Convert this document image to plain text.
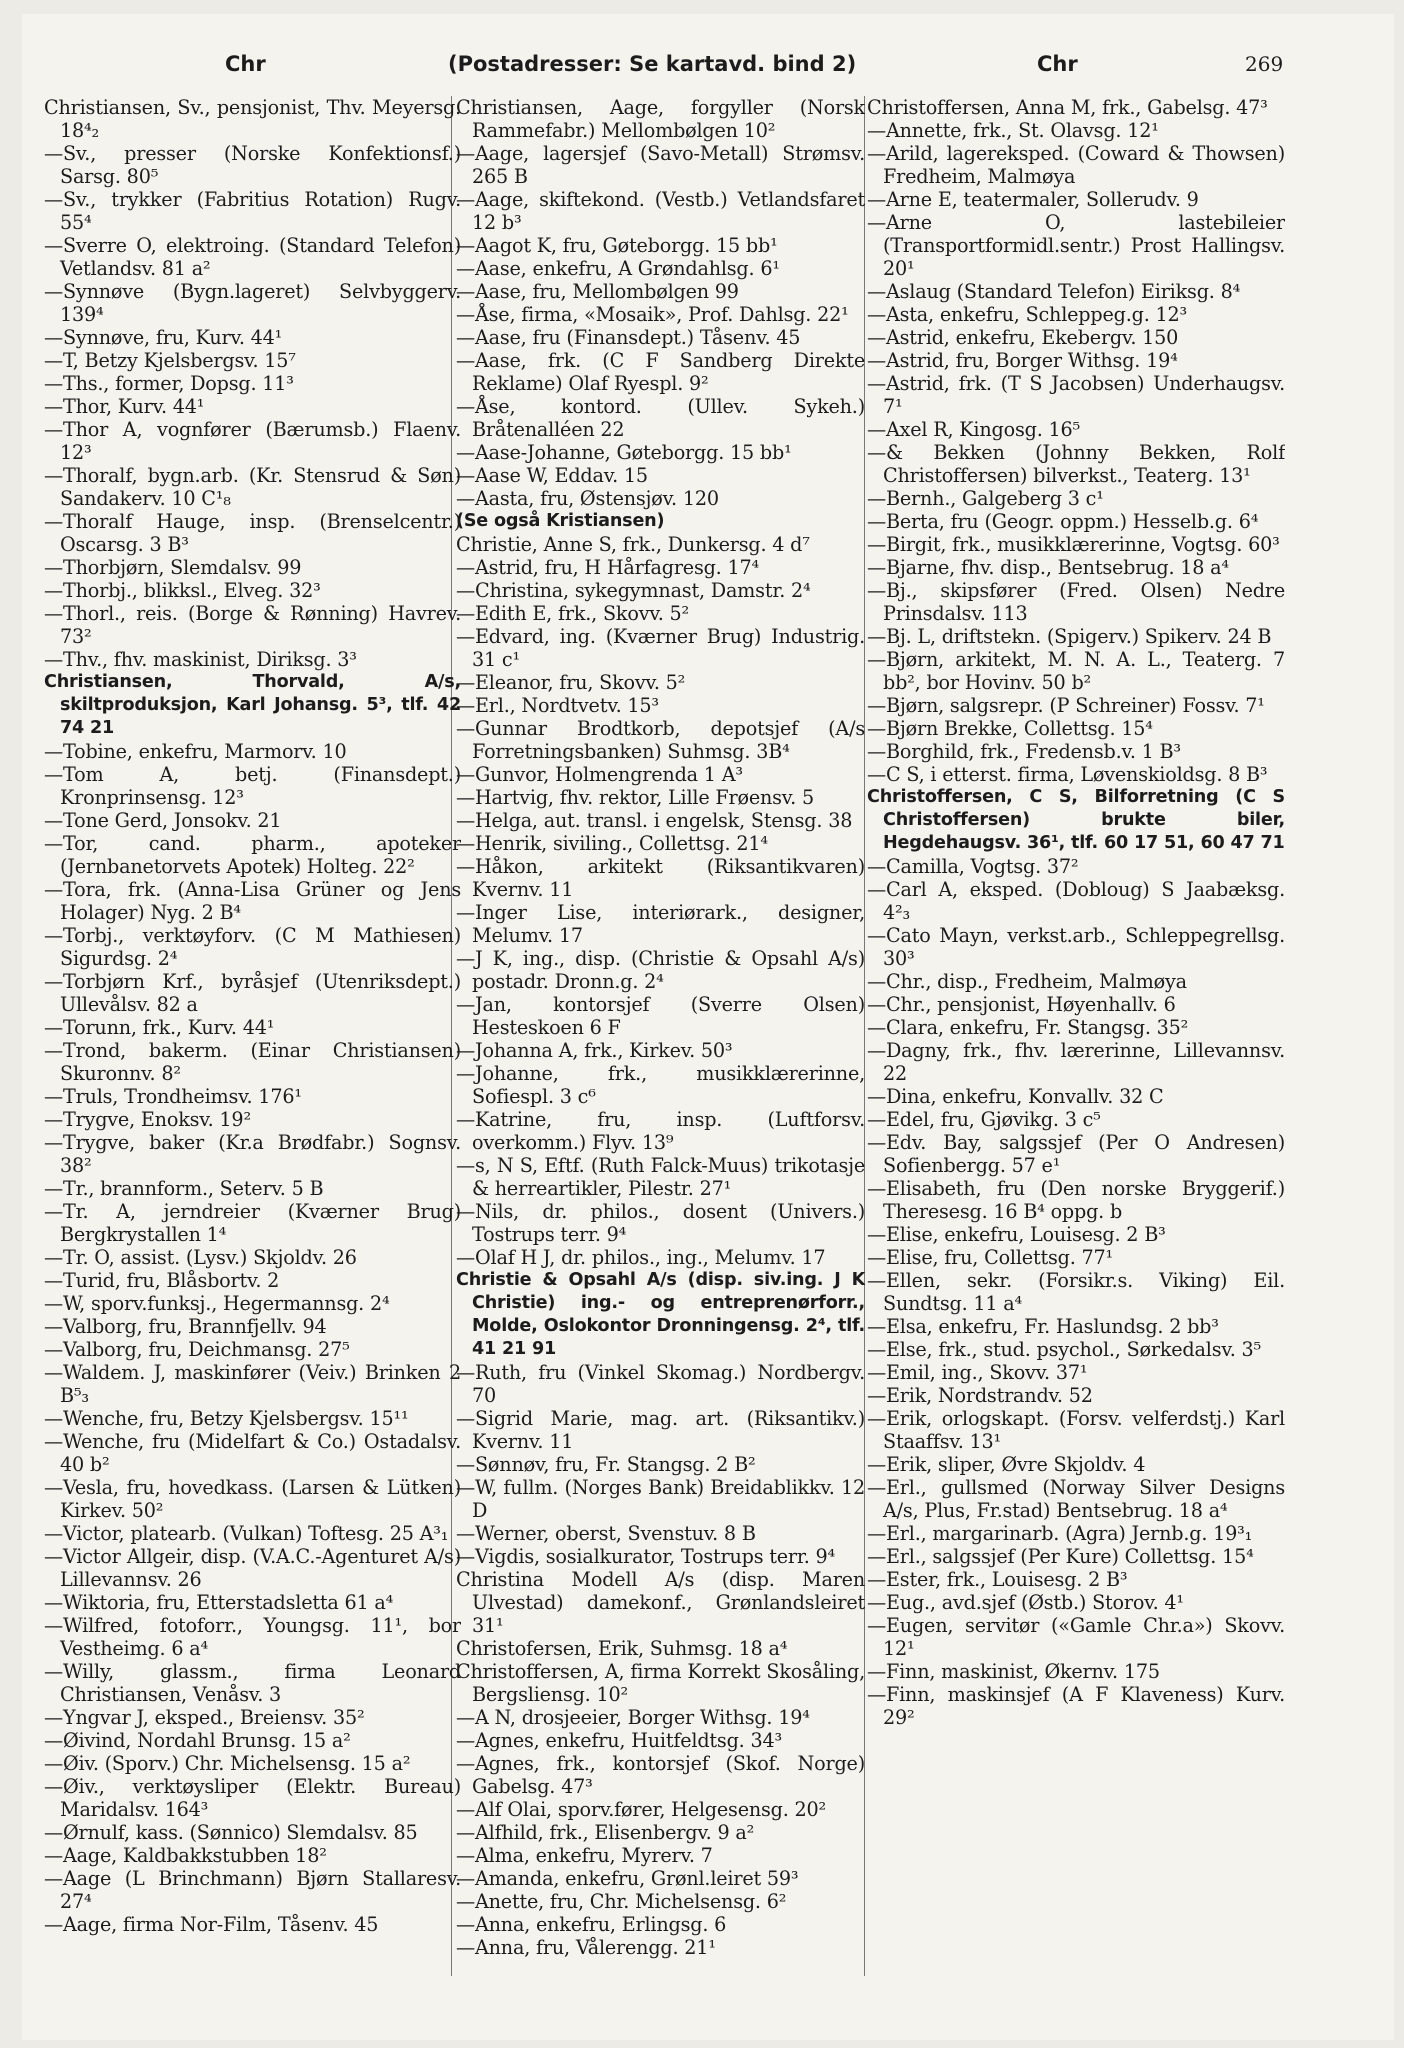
Chr	(Postadresser: Se kartavd. bind 2)	Chr	269

Christiansen, Sv., pensjonist, Thv. Meyersg. 18⁴₂

—Sv., presser (Norske Konfektionsf.) Sarsg. 80⁵

—Sv., trykker (Fabritius Rotation) Rugv. 55⁴

—Sverre O, elektroing. (Standard Telefon) Vetlandsv. 81 a²

—Synnøve (Bygn.lageret) Selvbyggerv. 139⁴

—Synnøve, fru, Kurv. 44¹

—T, Betzy Kjelsbergsv. 15⁷

—Ths., former, Dopsg. 11³

—Thor, Kurv. 44¹

—Thor A, vognfører (Bærumsb.) Flaenv. 12³

—Thoralf, bygn.arb. (Kr. Stensrud & Søn) Sandakerv. 10 C¹₈

—Thoralf Hauge, insp. (Brenselcentr.) Oscarsg. 3 B³

—Thorbjørn, Slemdalsv. 99

—Thorbj., blikksl., Elveg. 32³

—Thorl., reis. (Borge & Rønning) Havrev. 73²

—Thv., fhv. maskinist, Diriksg. 3³

Christiansen, Thorvald, A/s, skiltproduksjon, Karl Johansg. 5³, tlf. 42 74 21

—Tobine, enkefru, Marmorv. 10

—Tom A, betj. (Finansdept.) Kronprinsensg. 12³

—Tone Gerd, Jonsokv. 21

—Tor, cand. pharm., apoteker (Jernbanetorvets Apotek) Holteg. 22²

—Tora, frk. (Anna-Lisa Grüner og Jens Holager) Nyg. 2 B⁴

—Torbj., verktøyforv. (C M Mathiesen) Sigurdsg. 2⁴

—Torbjørn Krf., byråsjef (Utenriksdept.) Ullevålsv. 82 a

—Torunn, frk., Kurv. 44¹

—Trond, bakerm. (Einar Christiansen) Skuronnv. 8²

—Truls, Trondheimsv. 176¹

—Trygve, Enoksv. 19²

—Trygve, baker (Kr.a Brødfabr.) Sognsv. 38²

—Tr., brannform., Seterv. 5 B

—Tr. A, jerndreier (Kværner Brug) Bergkrystallen 1⁴

—Tr. O, assist. (Lysv.) Skjoldv. 26

—Turid, fru, Blåsbortv. 2

—W, sporv.funksj., Hegermannsg. 2⁴

—Valborg, fru, Brannfjellv. 94

—Valborg, fru, Deichmansg. 27⁵

—Waldem. J, maskinfører (Veiv.) Brinken 2 B⁵₃

—Wenche, fru, Betzy Kjelsbergsv. 15¹¹

—Wenche, fru (Midelfart & Co.) Ostadalsv. 40 b²

—Vesla, fru, hovedkass. (Larsen & Lütken) Kirkev. 50²

—Victor, platearb. (Vulkan) Toftesg. 25 A³₁

—Victor Allgeir, disp. (V.A.C.-Agenturet A/s) Lillevannsv. 26

—Wiktoria, fru, Etterstadsletta 61 a⁴

—Wilfred, fotoforr., Youngsg. 11¹, bor Vestheimg. 6 a⁴

—Willy, glassm., firma Leonard Christiansen, Venåsv. 3

—Yngvar J, eksped., Breiensv. 35²

—Øivind, Nordahl Brunsg. 15 a²

—Øiv. (Sporv.) Chr. Michelsensg. 15 a²

—Øiv., verktøysliper (Elektr. Bureau) Maridalsv. 164³

—Ørnulf, kass. (Sønnico) Slemdalsv. 85

—Aage, Kaldbakkstubben 18²

—Aage (L Brinchmann) Bjørn Stallaresv. 27⁴

—Aage, firma Nor-Film, Tåsenv. 45

Christiansen, Aage, forgyller (Norsk Rammefabr.) Mellombølgen 10²

—Aage, lagersjef (Savo-Metall) Strømsv. 265 B

—Aage, skiftekond. (Vestb.) Vetlandsfaret 12 b³

—Aagot K, fru, Gøteborgg. 15 bb¹

—Aase, enkefru, A Grøndahlsg. 6¹

—Aase, fru, Mellombølgen 99

—Åse, firma, «Mosaik», Prof. Dahlsg. 22¹

—Aase, fru (Finansdept.) Tåsenv. 45

—Aase, frk. (C F Sandberg Direkte Reklame) Olaf Ryespl. 9²

—Åse, kontord. (Ullev. Sykeh.) Bråtenalléen 22

—Aase-Johanne, Gøteborgg. 15 bb¹

—Aase W, Eddav. 15

—Aasta, fru, Østensjøv. 120

(Se også Kristiansen)

Christie, Anne S, frk., Dunkersg. 4 d⁷

—Astrid, fru, H Hårfagresg. 17⁴

—Christina, sykegymnast, Damstr. 2⁴

—Edith E, frk., Skovv. 5²

—Edvard, ing. (Kværner Brug) Industrig. 31 c¹

—Eleanor, fru, Skovv. 5²

—Erl., Nordtvetv. 15³

—Gunnar Brodtkorb, depotsjef (A/s Forretningsbanken) Suhmsg. 3B⁴

—Gunvor, Holmengrenda 1 A³

—Hartvig, fhv. rektor, Lille Frøensv. 5

—Helga, aut. transl. i engelsk, Stensg. 38

—Henrik, siviling., Collettsg. 21⁴

—Håkon, arkitekt (Riksantikvaren) Kvernv. 11

—Inger Lise, interiørark., designer, Melumv. 17

—J K, ing., disp. (Christie & Opsahl A/s) postadr. Dronn.g. 2⁴

—Jan, kontorsjef (Sverre Olsen) Hesteskoen 6 F

—Johanna A, frk., Kirkev. 50³

—Johanne, frk., musikklærerinne, Sofiespl. 3 c⁶

—Katrine, fru, insp. (Luftforsv. overkomm.) Flyv. 13⁹

—s, N S, Eftf. (Ruth Falck-Muus) trikotasje & herreartikler, Pilestr. 27¹

—Nils, dr. philos., dosent (Univers.) Tostrups terr. 9⁴

—Olaf H J, dr. philos., ing., Melumv. 17

Christie & Opsahl A/s (disp. siv.ing. J K Christie) ing.- og entreprenørforr., Molde, Oslokontor Dronningensg. 2⁴, tlf. 41 21 91

—Ruth, fru (Vinkel Skomag.) Nordbergv. 70

—Sigrid Marie, mag. art. (Riksantikv.) Kvernv. 11

—Sønnøv, fru, Fr. Stangsg. 2 B²

—W, fullm. (Norges Bank) Breidablikkv. 12 D

—Werner, oberst, Svenstuv. 8 B

—Vigdis, sosialkurator, Tostrups terr. 9⁴

Christina Modell A/s (disp. Maren Ulvestad) damekonf., Grønlandsleiret 31¹

Christofersen, Erik, Suhmsg. 18 a⁴

Christoffersen, A, firma Korrekt Skosåling, Bergsliensg. 10²

—A N, drosjeeier, Borger Withsg. 19⁴

—Agnes, enkefru, Huitfeldtsg. 34³

—Agnes, frk., kontorsjef (Skof. Norge) Gabelsg. 47³

—Alf Olai, sporv.fører, Helgesensg. 20²

—Alfhild, frk., Elisenbergv. 9 a²

—Alma, enkefru, Myrerv. 7

—Amanda, enkefru, Grønl.leiret 59³

—Anette, fru, Chr. Michelsensg. 6²

—Anna, enkefru, Erlingsg. 6

—Anna, fru, Vålerengg. 21¹

Christoffersen, Anna M, frk., Gabelsg. 47³

—Annette, frk., St. Olavsg. 12¹

—Arild, lagereksped. (Coward & Thowsen) Fredheim, Malmøya

—Arne E, teatermaler, Sollerudv. 9

—Arne O, lastebileier (Transportformidl.sentr.) Prost Hallingsv. 20¹

—Aslaug (Standard Telefon) Eiriksg. 8⁴

—Asta, enkefru, Schleppeg.g. 12³

—Astrid, enkefru, Ekebergv. 150

—Astrid, fru, Borger Withsg. 19⁴

—Astrid, frk. (T S Jacobsen) Underhaugsv. 7¹

—Axel R, Kingosg. 16⁵

—& Bekken (Johnny Bekken, Rolf Christoffersen) bilverkst., Teaterg. 13¹

—Bernh., Galgeberg 3 c¹

—Berta, fru (Geogr. oppm.) Hesselb.g. 6⁴

—Birgit, frk., musikklærerinne, Vogtsg. 60³

—Bjarne, fhv. disp., Bentsebrug. 18 a⁴

—Bj., skipsfører (Fred. Olsen) Nedre Prinsdalsv. 113

—Bj. L, driftstekn. (Spigerv.) Spikerv. 24 B

—Bjørn, arkitekt, M. N. A. L., Teaterg. 7 bb², bor Hovinv. 50 b²

—Bjørn, salgsrepr. (P Schreiner) Fossv. 7¹

—Bjørn Brekke, Collettsg. 15⁴

—Borghild, frk., Fredensb.v. 1 B³

—C S, i etterst. firma, Løvenskioldsg. 8 B³

Christoffersen, C S, Bilforretning (C S Christoffersen) brukte biler, Hegdehaugsv. 36¹, tlf. 60 17 51, 60 47 71

—Camilla, Vogtsg. 37²

—Carl A, eksped. (Dobloug) S Jaabæksg. 4²₃

—Cato Mayn, verkst.arb., Schleppegrellsg. 30³

—Chr., disp., Fredheim, Malmøya

—Chr., pensjonist, Høyenhallv. 6

—Clara, enkefru, Fr. Stangsg. 35²

—Dagny, frk., fhv. lærerinne, Lillevannsv. 22

—Dina, enkefru, Konvallv. 32 C

—Edel, fru, Gjøvikg. 3 c⁵

—Edv. Bay, salgssjef (Per O Andresen) Sofienbergg. 57 e¹

—Elisabeth, fru (Den norske Bryggerif.) Theresesg. 16 B⁴ oppg. b

—Elise, enkefru, Louisesg. 2 B³

—Elise, fru, Collettsg. 77¹

—Ellen, sekr. (Forsikr.s. Viking) Eil. Sundtsg. 11 a⁴

—Elsa, enkefru, Fr. Haslundsg. 2 bb³

—Else, frk., stud. psychol., Sørkedalsv. 3⁵

—Emil, ing., Skovv. 37¹

—Erik, Nordstrandv. 52

—Erik, orlogskapt. (Forsv. velferdstj.) Karl Staaffsv. 13¹

—Erik, sliper, Øvre Skjoldv. 4

—Erl., gullsmed (Norway Silver Designs A/s, Plus, Fr.stad) Bentsebrug. 18 a⁴

—Erl., margarinarb. (Agra) Jernb.g. 19³₁

—Erl., salgssjef (Per Kure) Collettsg. 15⁴

—Ester, frk., Louisesg. 2 B³

—Eug., avd.sjef (Østb.) Storov. 4¹

—Eugen, servitør («Gamle Chr.a») Skovv. 12¹

—Finn, maskinist, Økernv. 175

—Finn, maskinsjef (A F Klaveness) Kurv. 29²
